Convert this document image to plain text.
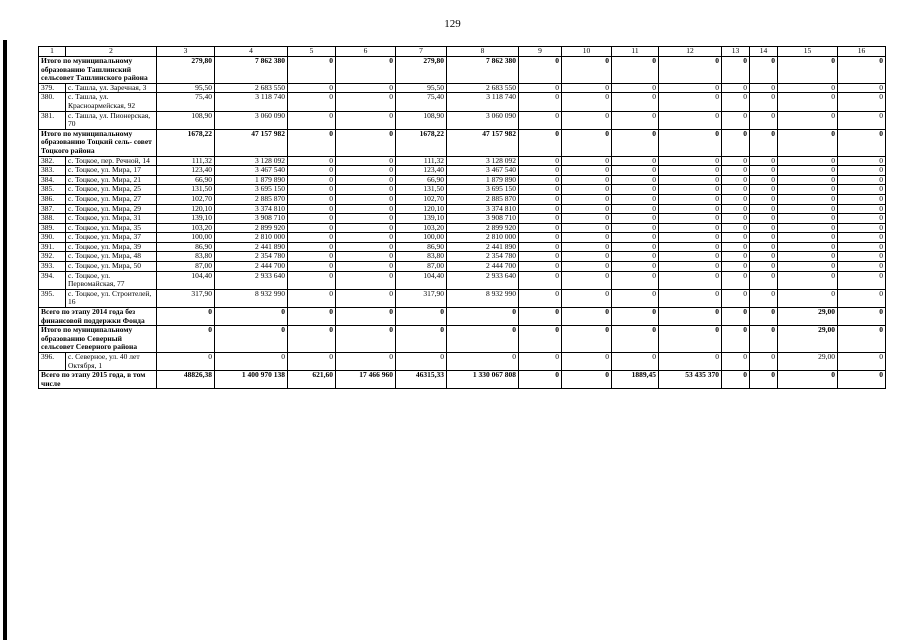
129
1	2	3	4	5	6	7	8	9	10	11	12	13	14	15	16
Итого по муниципальному образованию Ташлинский сельсовет Ташлинского района		279,80	7 862 380	0	0	279,80	7 862 380	0	0	0	0	0	0	0	0
379.	с. Ташла, ул. Заречная, 3	95,50	2 683 550	0	0	95,50	2 683 550	0	0	0	0	0	0	0	0
380.	с. Ташла, ул. Красноармейская, 92	75,40	3 118 740	0	0	75,40	3 118 740	0	0	0	0	0	0	0	0
381.	с. Ташла, ул. Пионерская, 70	108,90	3 060 090	0	0	108,90	3 060 090	0	0	0	0	0	0	0	0
Итого по муниципальному образованию Тоцкий сель- совет Тоцкого района		1678,22	47 157 982	0	0	1678,22	47 157 982	0	0	0	0	0	0	0	0
382.	с. Тоцкое, пер. Речной, 14	111,32	3 128 092	0	0	111,32	3 128 092	0	0	0	0	0	0	0	0
383.	с. Тоцкое, ул. Мира, 17	123,40	3 467 540	0	0	123,40	3 467 540	0	0	0	0	0	0	0	0
384.	с. Тоцкое, ул. Мира, 21	66,90	1 879 890	0	0	66,90	1 879 890	0	0	0	0	0	0	0	0
385.	с. Тоцкое, ул. Мира, 25	131,50	3 695 150	0	0	131,50	3 695 150	0	0	0	0	0	0	0	0
386.	с. Тоцкое, ул. Мира, 27	102,70	2 885 870	0	0	102,70	2 885 870	0	0	0	0	0	0	0	0
387.	с. Тоцкое, ул. Мира, 29	120,10	3 374 810	0	0	120,10	3 374 810	0	0	0	0	0	0	0	0
388.	с. Тоцкое, ул. Мира, 31	139,10	3 908 710	0	0	139,10	3 908 710	0	0	0	0	0	0	0	0
389.	с. Тоцкое, ул. Мира, 35	103,20	2 899 920	0	0	103,20	2 899 920	0	0	0	0	0	0	0	0
390.	с. Тоцкое, ул. Мира, 37	100,00	2 810 000	0	0	100,00	2 810 000	0	0	0	0	0	0	0	0
391.	с. Тоцкое, ул. Мира, 39	86,90	2 441 890	0	0	86,90	2 441 890	0	0	0	0	0	0	0	0
392.	с. Тоцкое, ул. Мира, 48	83,80	2 354 780	0	0	83,80	2 354 780	0	0	0	0	0	0	0	0
393.	с. Тоцкое, ул. Мира, 50	87,00	2 444 700	0	0	87,00	2 444 700	0	0	0	0	0	0	0	0
394.	с. Тоцкое, ул. Первомайская, 77	104,40	2 933 640	0	0	104,40	2 933 640	0	0	0	0	0	0	0	0
395.	с. Тоцкое, ул. Строителей, 16	317,90	8 932 990	0	0	317,90	8 932 990	0	0	0	0	0	0	0	0
Всего по этапу 2014 года без финансовой поддержки Фонда		0	0	0	0	0	0	0	0	0	0	0	0	29,00	0
Итого по муниципальному образованию Северный сельсовет Северного района		0	0	0	0	0	0	0	0	0	0	0	0	29,00	0
396.	с. Северное, ул. 40 лет Октября, 1	0	0	0	0	0	0	0	0	0	0	0	0	29,00	0
Всего по этапу 2015 года, в том числе		48826,38	1 400 970 138	621,60	17 466 960	46315,33	1 330 067 808	0	0	1889,45	53 435 370	0	0	0	0
